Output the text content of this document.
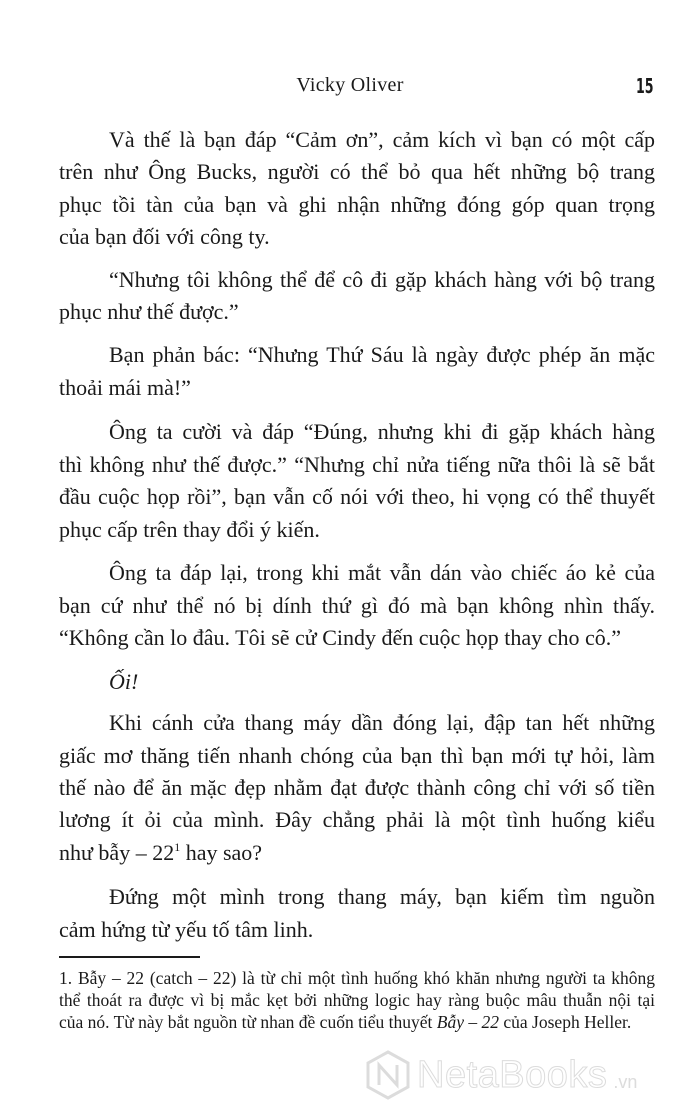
Vicky Oliver	15
Và thế là bạn đáp “Cảm ơn”, cảm kích vì bạn có một cấp
trên như Ông Bucks, người có thể bỏ qua hết những bộ trang
phục tồi tàn của bạn và ghi nhận những đóng góp quan trọng
của bạn đối với công ty.
“Nhưng tôi không thể để cô đi gặp khách hàng với bộ trang
phục như thế được.”
Bạn phản bác: “Nhưng Thứ Sáu là ngày được phép ăn mặc
thoải mái mà!”
Ông ta cười và đáp “Đúng, nhưng khi đi gặp khách hàng
thì không như thế được.” “Nhưng chỉ nửa tiếng nữa thôi là sẽ bắt
đầu cuộc họp rồi”, bạn vẫn cố nói với theo, hi vọng có thể thuyết
phục cấp trên thay đổi ý kiến.
Ông ta đáp lại, trong khi mắt vẫn dán vào chiếc áo kẻ của
bạn cứ như thể nó bị dính thứ gì đó mà bạn không nhìn thấy.
“Không cần lo đâu. Tôi sẽ cử Cindy đến cuộc họp thay cho cô.”
Ối!
Khi cánh cửa thang máy dần đóng lại, đập tan hết những
giấc mơ thăng tiến nhanh chóng của bạn thì bạn mới tự hỏi, làm
thế nào để ăn mặc đẹp nhằm đạt được thành công chỉ với số tiền
lương ít ỏi của mình. Đây chẳng phải là một tình huống kiểu
như bẫy – $22^1$ hay sao?
Đứng một mình trong thang máy, bạn kiếm tìm nguồn
cảm hứng từ yếu tố tâm linh.
1. Bẫy – 22 (catch – 22) là từ chỉ một tình huống khó khăn nhưng người ta không
thể thoát ra được vì bị mắc kẹt bởi những logic hay ràng buộc mâu thuẫn nội tại
của nó. Từ này bắt nguồn từ nhan đề cuốn tiểu thuyết Bẫy – 22 của Joseph Heller.
NetaBooks .vn
